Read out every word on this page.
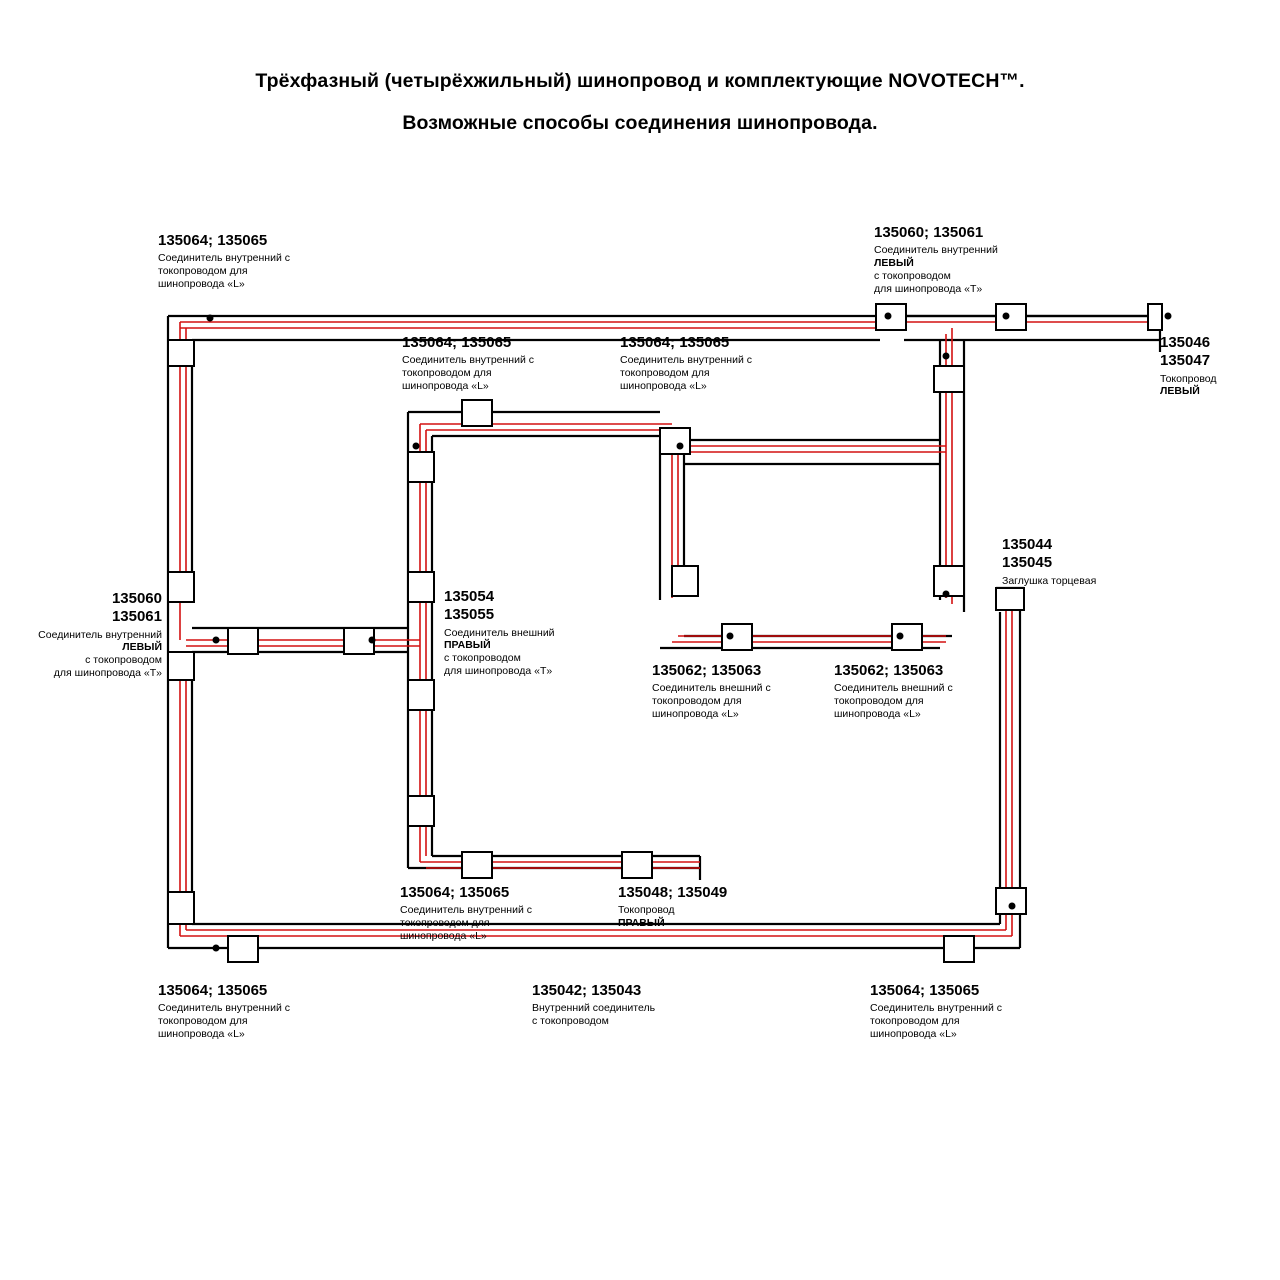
Трёхфазный (четырёхжильный) шинопровод и комплектующие NOVOTECH™.
Возможные способы соединения шинопровода.
135064; 135065
Соединитель внутренний с
токопроводом для
шинопровода «L»
135060; 135061
Соединитель внутренний
ЛЕВЫЙ
с токопроводом
для шинопровода «T»
135046
135047
Токопровод
ЛЕВЫЙ
135064; 135065
Соединитель внутренний с
токопроводом для
шинопровода «L»
135064; 135065
Соединитель внутренний с
токопроводом для
шинопровода «L»
135044
135045
Заглушка торцевая
135060
135061
Соединитель внутренний
ЛЕВЫЙ
с токопроводом
для шинопровода «T»
135054
135055
Соединитель внешний
ПРАВЫЙ
с токопроводом
для шинопровода «T»	135062; 135063
Соединитель внешний с
токопроводом для
шинопровода «L»
135062; 135063
Соединитель внешний с
токопроводом для
шинопровода «L»
135064; 135065
Соединитель внутренний с
токопроводом для
шинопровода «L»
135048; 135049
Токопровод
ПРАВЫЙ
135064; 135065
Соединитель внутренний с
токопроводом для
шинопровода «L»
135042; 135043
Внутренний соединитель
с токопроводом
135064; 135065
Соединитель внутренний с
токопроводом для
шинопровода «L»
